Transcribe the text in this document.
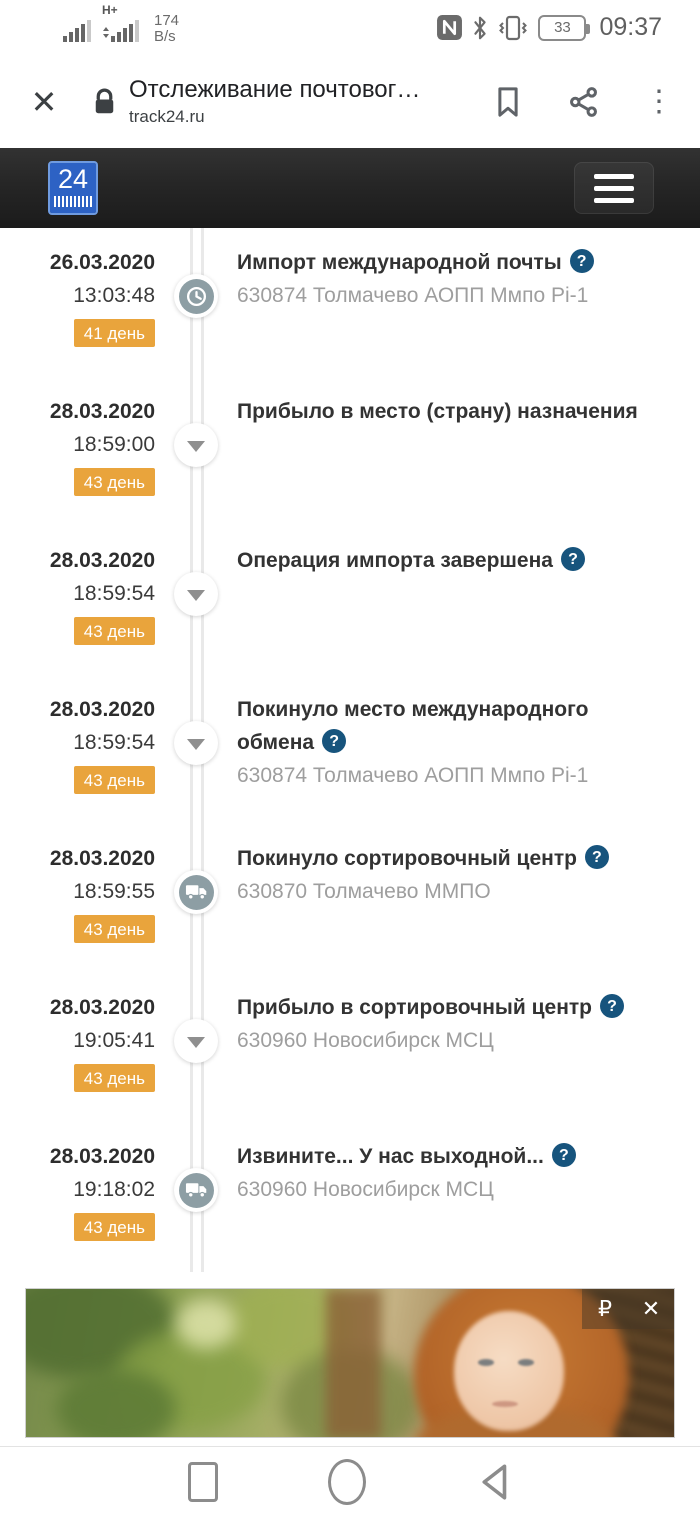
H+
174
B/s	33 09:37
✕	Отслеживание почтовог…
track24.ru	⋮
24
26.03.2020
13:03:48
41 день
Импорт международной почты ?
630874 Толмачево АОПП Ммпо Pi-1
28.03.2020
18:59:00
43 день
Прибыло в место (страну) назначения
28.03.2020
18:59:54
43 день
Операция импорта завершена ?
28.03.2020
18:59:54
43 день
Покинуло место международного обмена ?
630874 Толмачево АОПП Ммпо Pi-1
28.03.2020
18:59:55
43 день
Покинуло сортировочный центр ?
630870 Толмачево ММПО
28.03.2020
19:05:41
43 день
Прибыло в сортировочный центр ?
630960 Новосибирск МСЦ
28.03.2020
19:18:02
43 день
Извините... У нас выходной... ?
630960 Новосибирск МСЦ
₽	✕
